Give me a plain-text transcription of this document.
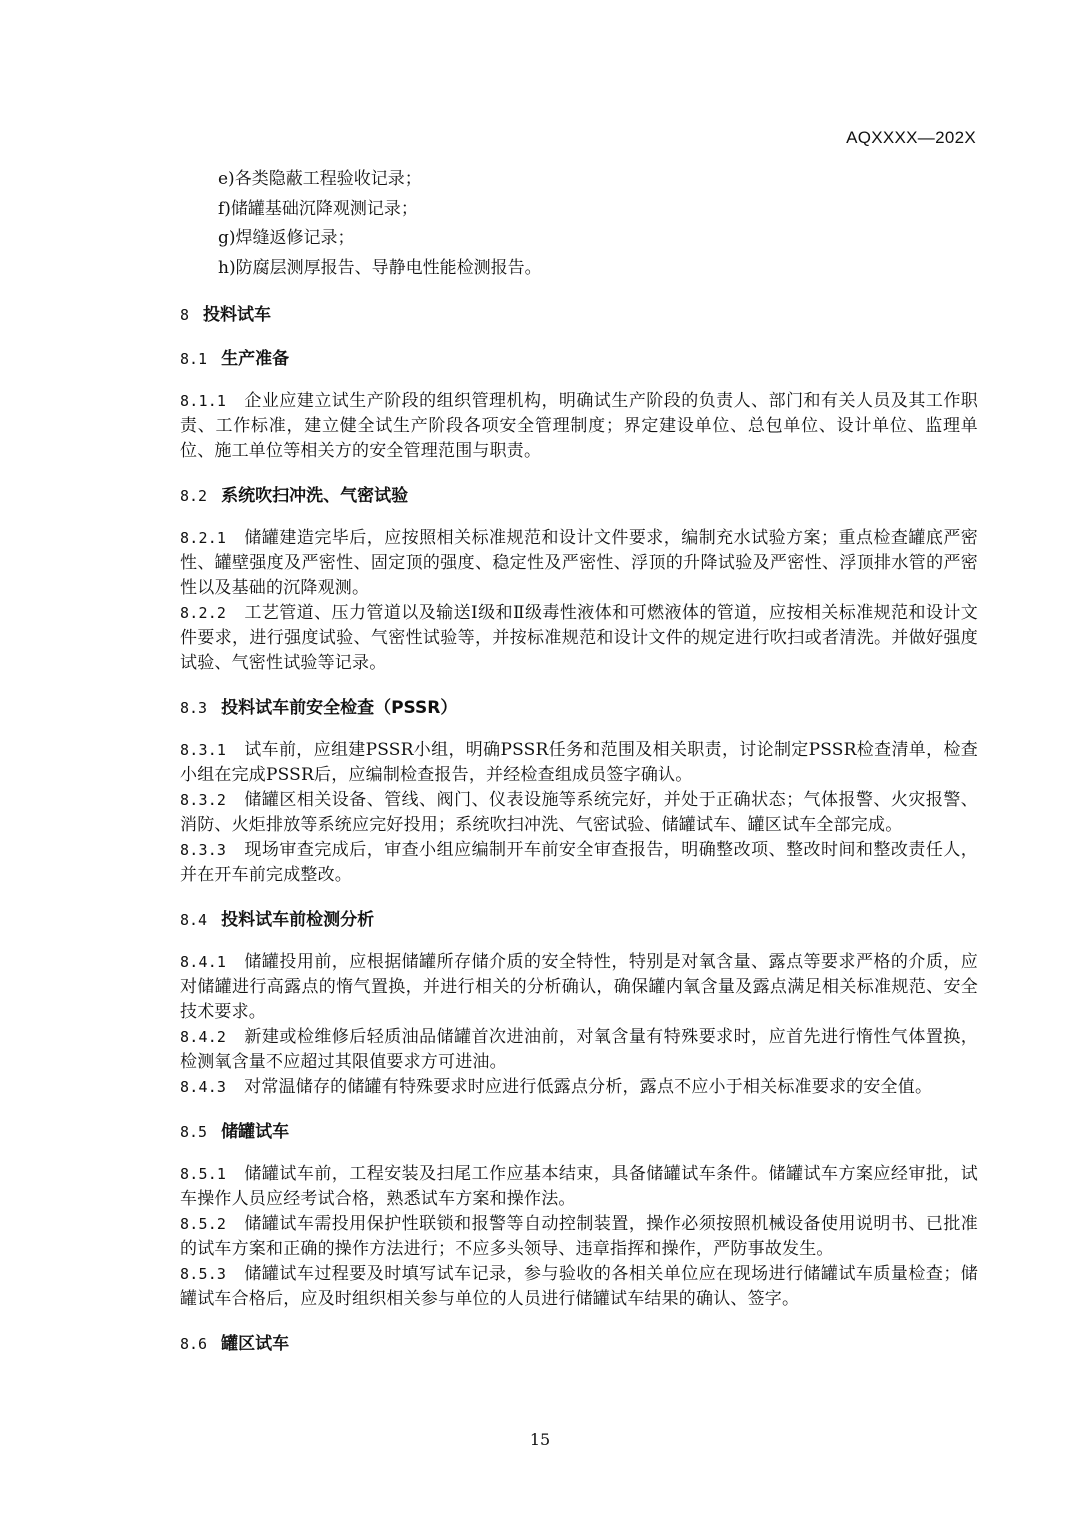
AQXXXX—202X
e)各类隐蔽工程验收记录；
f)储罐基础沉降观测记录；
g)焊缝返修记录；
h)防腐层测厚报告、导静电性能检测报告。
8 投料试车
8.1 生产准备
8.1.1 企业应建立试生产阶段的组织管理机构，明确试生产阶段的负责人、部门和有关人员及其工作职责、工作标准，建立健全试生产阶段各项安全管理制度；界定建设单位、总包单位、设计单位、监理单位、施工单位等相关方的安全管理范围与职责。
8.2 系统吹扫冲洗、气密试验
8.2.1 储罐建造完毕后，应按照相关标准规范和设计文件要求，编制充水试验方案；重点检查罐底严密性、罐壁强度及严密性、固定顶的强度、稳定性及严密性、浮顶的升降试验及严密性、浮顶排水管的严密性以及基础的沉降观测。
8.2.2 工艺管道、压力管道以及输送Ⅰ级和Ⅱ级毒性液体和可燃液体的管道，应按相关标准规范和设计文件要求，进行强度试验、气密性试验等，并按标准规范和设计文件的规定进行吹扫或者清洗。并做好强度试验、气密性试验等记录。
8.3 投料试车前安全检查（PSSR）
8.3.1 试车前，应组建PSSR小组，明确PSSR任务和范围及相关职责，讨论制定PSSR检查清单，检查小组在完成PSSR后，应编制检查报告，并经检查组成员签字确认。
8.3.2 储罐区相关设备、管线、阀门、仪表设施等系统完好，并处于正确状态；气体报警、火灾报警、消防、火炬排放等系统应完好投用；系统吹扫冲洗、气密试验、储罐试车、罐区试车全部完成。
8.3.3 现场审查完成后，审查小组应编制开车前安全审查报告，明确整改项、整改时间和整改责任人，并在开车前完成整改。
8.4 投料试车前检测分析
8.4.1 储罐投用前，应根据储罐所存储介质的安全特性，特别是对氧含量、露点等要求严格的介质，应对储罐进行高露点的惰气置换，并进行相关的分析确认，确保罐内氧含量及露点满足相关标准规范、安全技术要求。
8.4.2 新建或检维修后轻质油品储罐首次进油前，对氧含量有特殊要求时，应首先进行惰性气体置换，检测氧含量不应超过其限值要求方可进油。
8.4.3 对常温储存的储罐有特殊要求时应进行低露点分析，露点不应小于相关标准要求的安全值。
8.5 储罐试车
8.5.1 储罐试车前，工程安装及扫尾工作应基本结束，具备储罐试车条件。储罐试车方案应经审批，试车操作人员应经考试合格，熟悉试车方案和操作法。
8.5.2 储罐试车需投用保护性联锁和报警等自动控制装置，操作必须按照机械设备使用说明书、已批准的试车方案和正确的操作方法进行；不应多头领导、违章指挥和操作，严防事故发生。
8.5.3 储罐试车过程要及时填写试车记录，参与验收的各相关单位应在现场进行储罐试车质量检查；储罐试车合格后，应及时组织相关参与单位的人员进行储罐试车结果的确认、签字。
8.6 罐区试车
15
